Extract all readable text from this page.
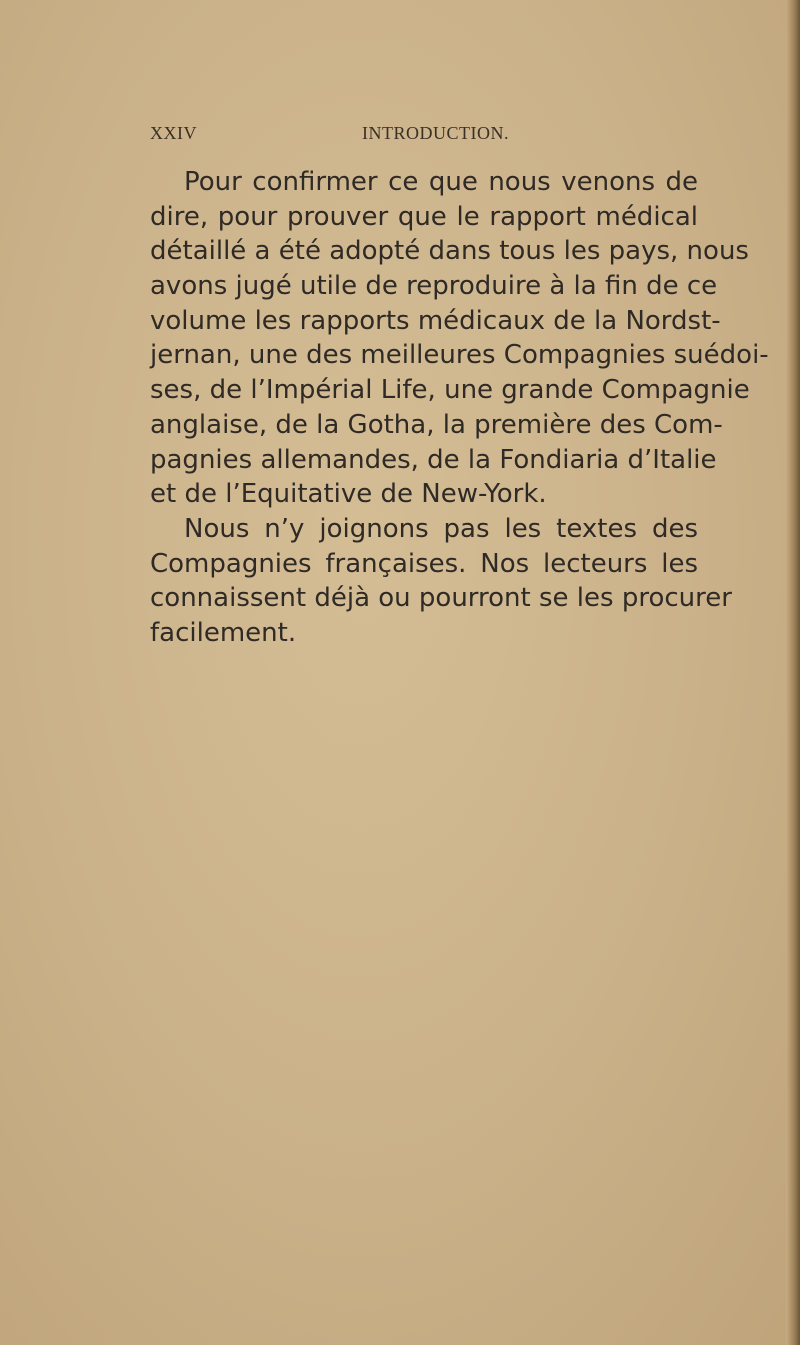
XXIV	INTRODUCTION.
Pour confirmer ce que nous venons de
dire, pour prouver que le rapport médical
détaillé a été adopté dans tous les pays, nous
avons jugé utile de reproduire à la fin de ce
volume les rapports médicaux de la Nordst-
jernan, une des meilleures Compagnies suédoi-
ses, de l’Impérial Life, une grande Compagnie
anglaise, de la Gotha, la première des Com-
pagnies allemandes, de la Fondiaria d’Italie
et de l’Equitative de New-York.
Nous n’y joignons pas les textes des
Compagnies françaises. Nos lecteurs les
connaissent déjà ou pourront se les procurer
facilement.
